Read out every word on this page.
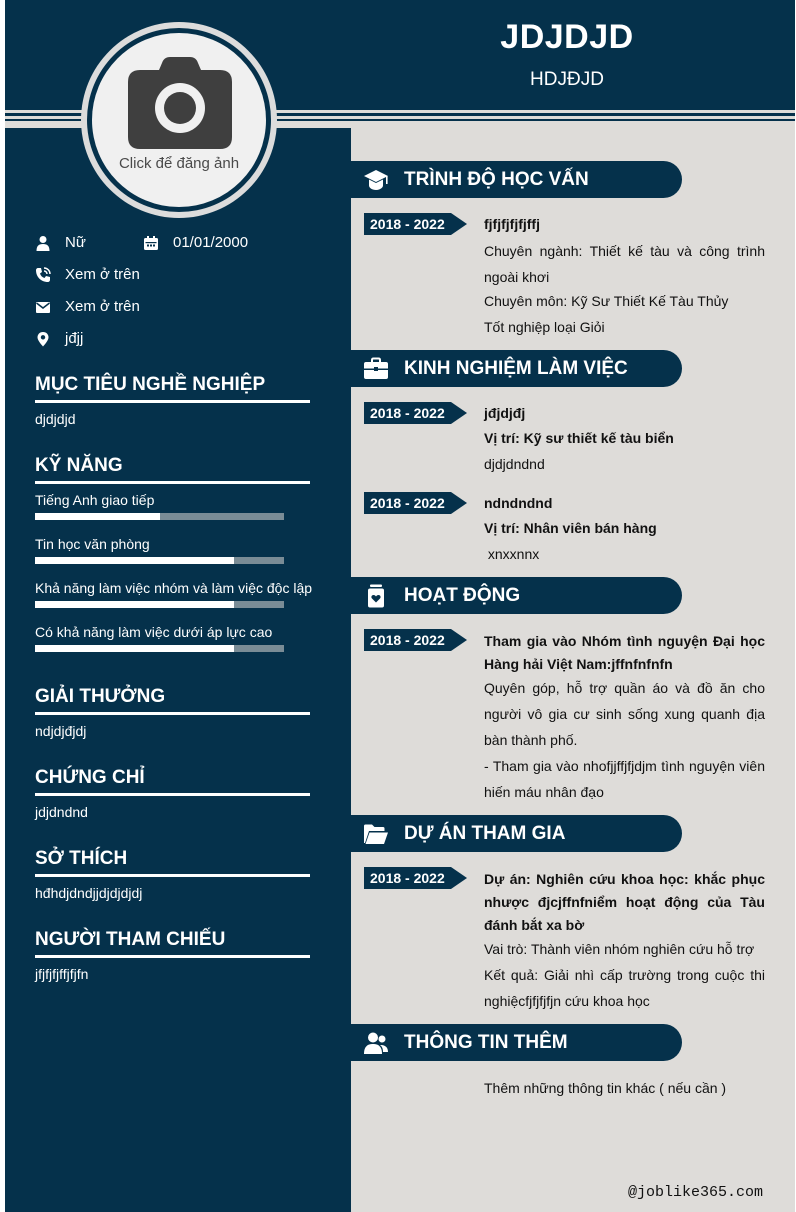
JDJDJD
HDJĐJD
Nữ	01/01/2000
Xem ở trên
Xem ở trên
jđjj
MỤC TIÊU NGHỀ NGHIỆP
djdjdjd
KỸ NĂNG
Tiếng Anh giao tiếp
Tin học văn phòng
Khả năng làm việc nhóm và làm việc độc lập
Có khả năng làm việc dưới áp lực cao
GIẢI THƯỞNG
ndjdjđjdj
CHỨNG CHỈ
jdjdndnd
SỞ THÍCH
hđhdjdndjjdjdjdjdj
NGƯỜI THAM CHIẾU
jfjfjfjffjfjfn
Click để đăng ảnh
TRÌNH ĐỘ HỌC VẤN
2018 - 2022	fjfjfjfjfjffj
Chuyên ngành: Thiết kế tàu và công trình ngoài khơi
Chuyên môn: Kỹ Sư Thiết Kế Tàu Thủy
Tốt nghiệp loại Giỏi
KINH NGHIỆM LÀM VIỆC
2018 - 2022	jđjdjđj
Vị trí: Kỹ sư thiết kế tàu biển
djdjdndnd
2018 - 2022	ndndndnd
Vị trí: Nhân viên bán hàng
xnxxnnx
HOẠT ĐỘNG
2018 - 2022	Tham gia vào Nhóm tình nguyện Đại học Hàng hải Việt Nam:jffnfnfnfn
Quyên góp, hỗ trợ quần áo và đồ ăn cho người vô gia cư sinh sống xung quanh địa bàn thành phố.
- Tham gia vào nhofjjffjfjdjm tình nguyện viên hiến máu nhân đạo
DỰ ÁN THAM GIA
2018 - 2022	Dự án: Nghiên cứu khoa học: khắc phục nhược đjcjffnfniểm hoạt động của Tàu đánh bắt xa bờ
Vai trò: Thành viên nhóm nghiên cứu hỗ trợ
Kết quả: Giải nhì cấp trường trong cuộc thi nghiệcfjfjfjfjn cứu khoa học
THÔNG TIN THÊM
Thêm những thông tin khác ( nếu cần )
@joblike365.com
